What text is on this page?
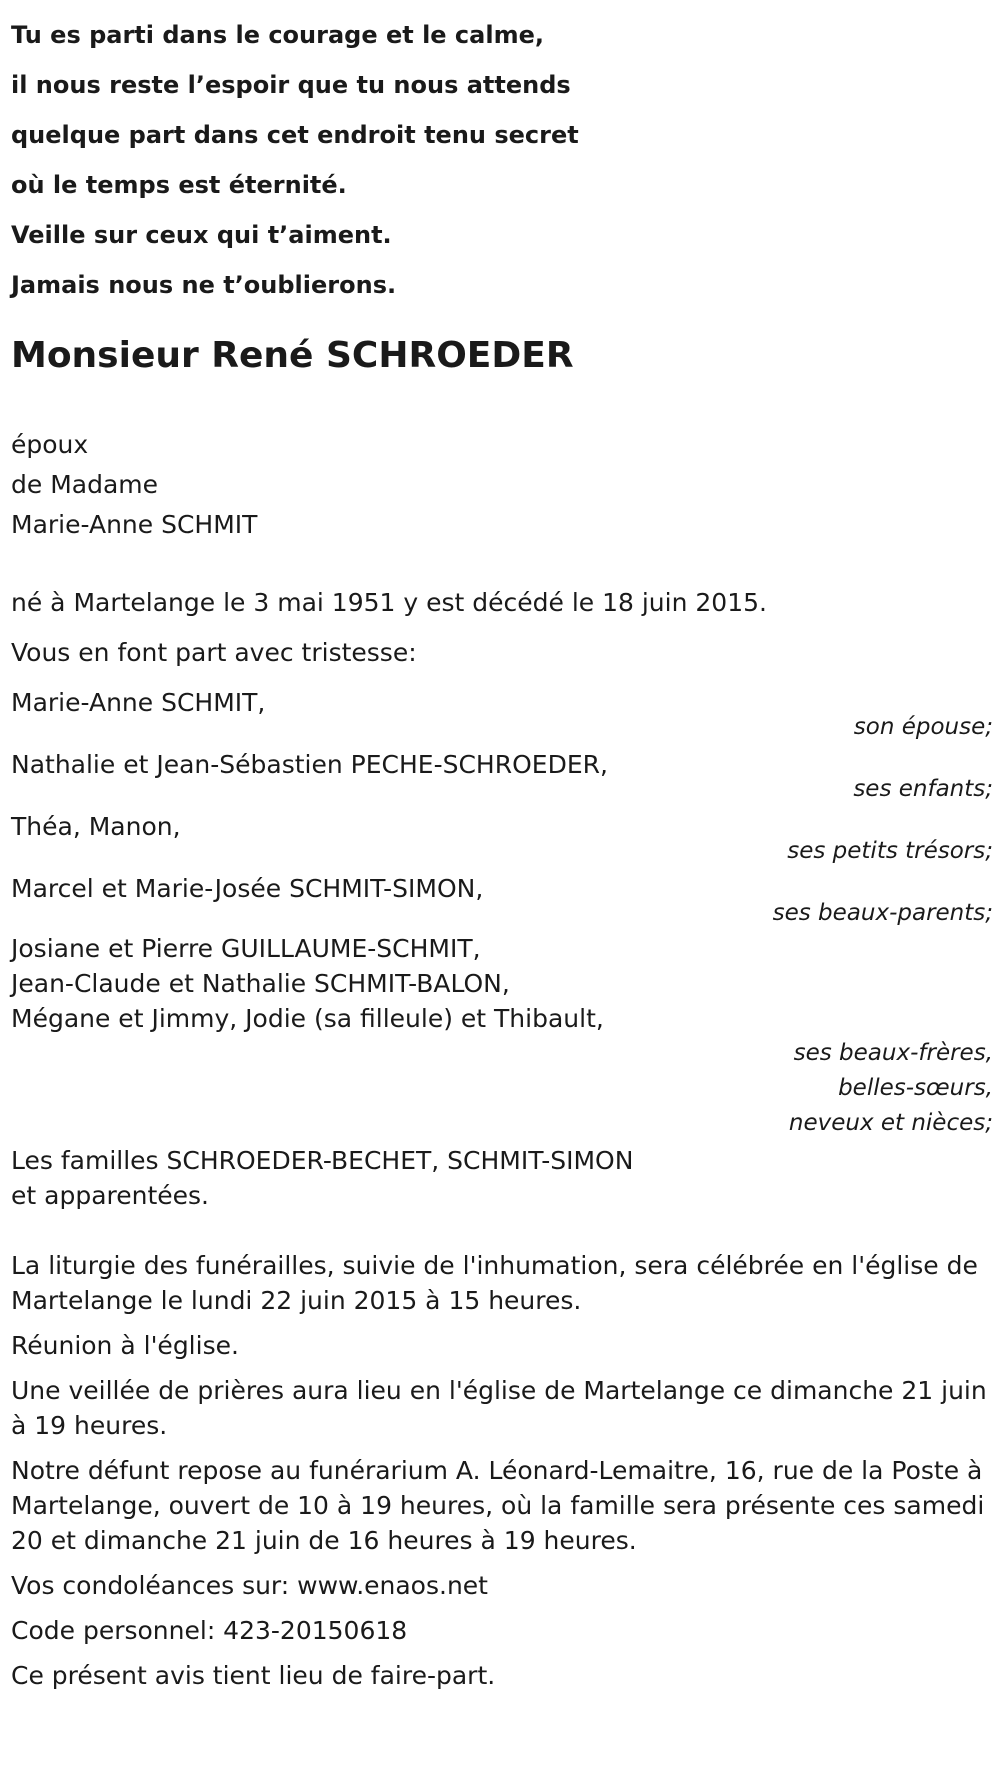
Tu es parti dans le courage et le calme,
il nous reste l’espoir que tu nous attends
quelque part dans cet endroit tenu secret
où le temps est éternité.
Veille sur ceux qui t’aiment.
Jamais nous ne t’oublierons.
Monsieur René SCHROEDER
époux
de Madame
Marie-Anne SCHMIT
né à Martelange le 3 mai 1951 y est décédé le 18 juin 2015.
Vous en font part avec tristesse:
Marie-Anne SCHMIT,
son épouse;
Nathalie et Jean-Sébastien PECHE-SCHROEDER,
ses enfants;
Théa, Manon,
ses petits trésors;
Marcel et Marie-Josée SCHMIT-SIMON,
ses beaux-parents;
Josiane et Pierre GUILLAUME-SCHMIT,
Jean-Claude et Nathalie SCHMIT-BALON,
Mégane et Jimmy, Jodie (sa filleule) et Thibault,
ses beaux-frères,
belles-sœurs,
neveux et nièces;
Les familles SCHROEDER-BECHET, SCHMIT-SIMON
et apparentées.
La liturgie des funérailles, suivie de l'inhumation, sera célébrée en l'église de Martelange le lundi 22 juin 2015 à 15 heures.
Réunion à l'église.
Une veillée de prières aura lieu en l'église de Martelange ce dimanche 21 juin à 19 heures.
Notre défunt repose au funérarium A. Léonard-Lemaitre, 16, rue de la Poste à Martelange, ouvert de 10 à 19 heures, où la famille sera présente ces samedi 20 et dimanche 21 juin de 16 heures à 19 heures.
Vos condoléances sur: www.enaos.net
Code personnel: 423-20150618
Ce présent avis tient lieu de faire-part.
